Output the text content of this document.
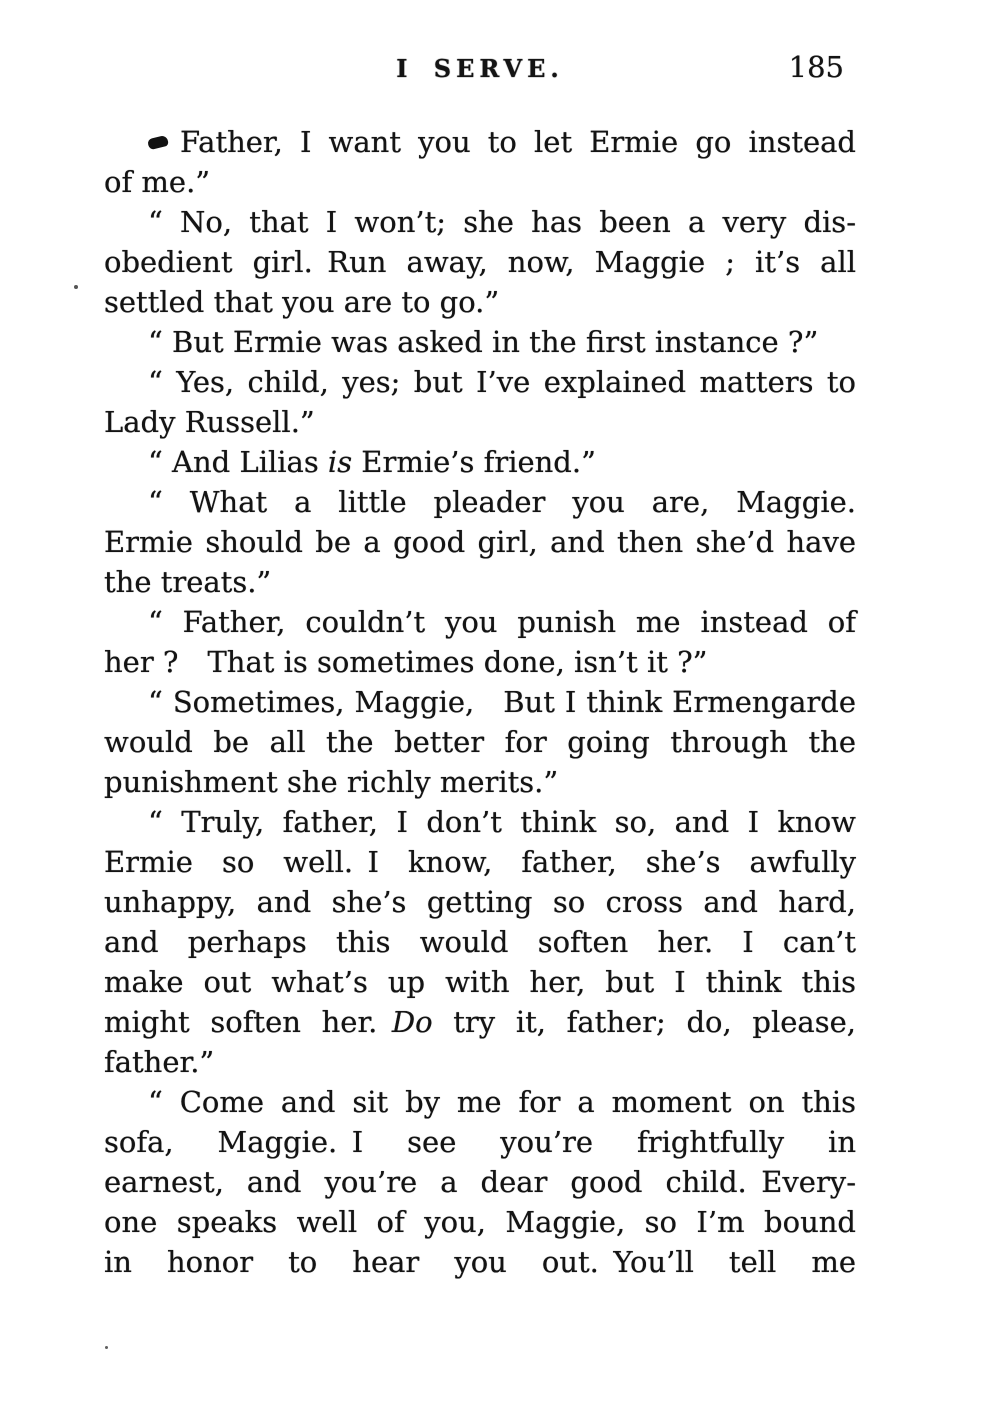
I SERVE.	185
Father, I want you to let Ermie go instead
of me.”
“ No, that I won’t; she has been a very dis-
obedient girl. Run away, now, Maggie ; it’s all
settled that you are to go.”
“ But Ermie was asked in the first instance ?”
“ Yes, child, yes; but I’ve explained matters to
Lady Russell.”
“ And Lilias is Ermie’s friend.”
“ What a little pleader you are, Maggie.
Ermie should be a good girl, and then she’d have
the treats.”
“ Father, couldn’t you punish me instead of
her ? That is sometimes done, isn’t it ?”
“ Sometimes, Maggie, But I think Ermengarde
would be all the better for going through the
punishment she richly merits.”
“ Truly, father, I don’t think so, and I know
Ermie so well. I know, father, she’s awfully
unhappy, and she’s getting so cross and hard,
and perhaps this would soften her. I can’t
make out what’s up with her, but I think this
might soften her. Do try it, father; do, please,
father.”
“ Come and sit by me for a moment on this
sofa, Maggie. I see you’re frightfully in
earnest, and you’re a dear good child. Every-
one speaks well of you, Maggie, so I’m bound
in honor to hear you out. You’ll tell me
